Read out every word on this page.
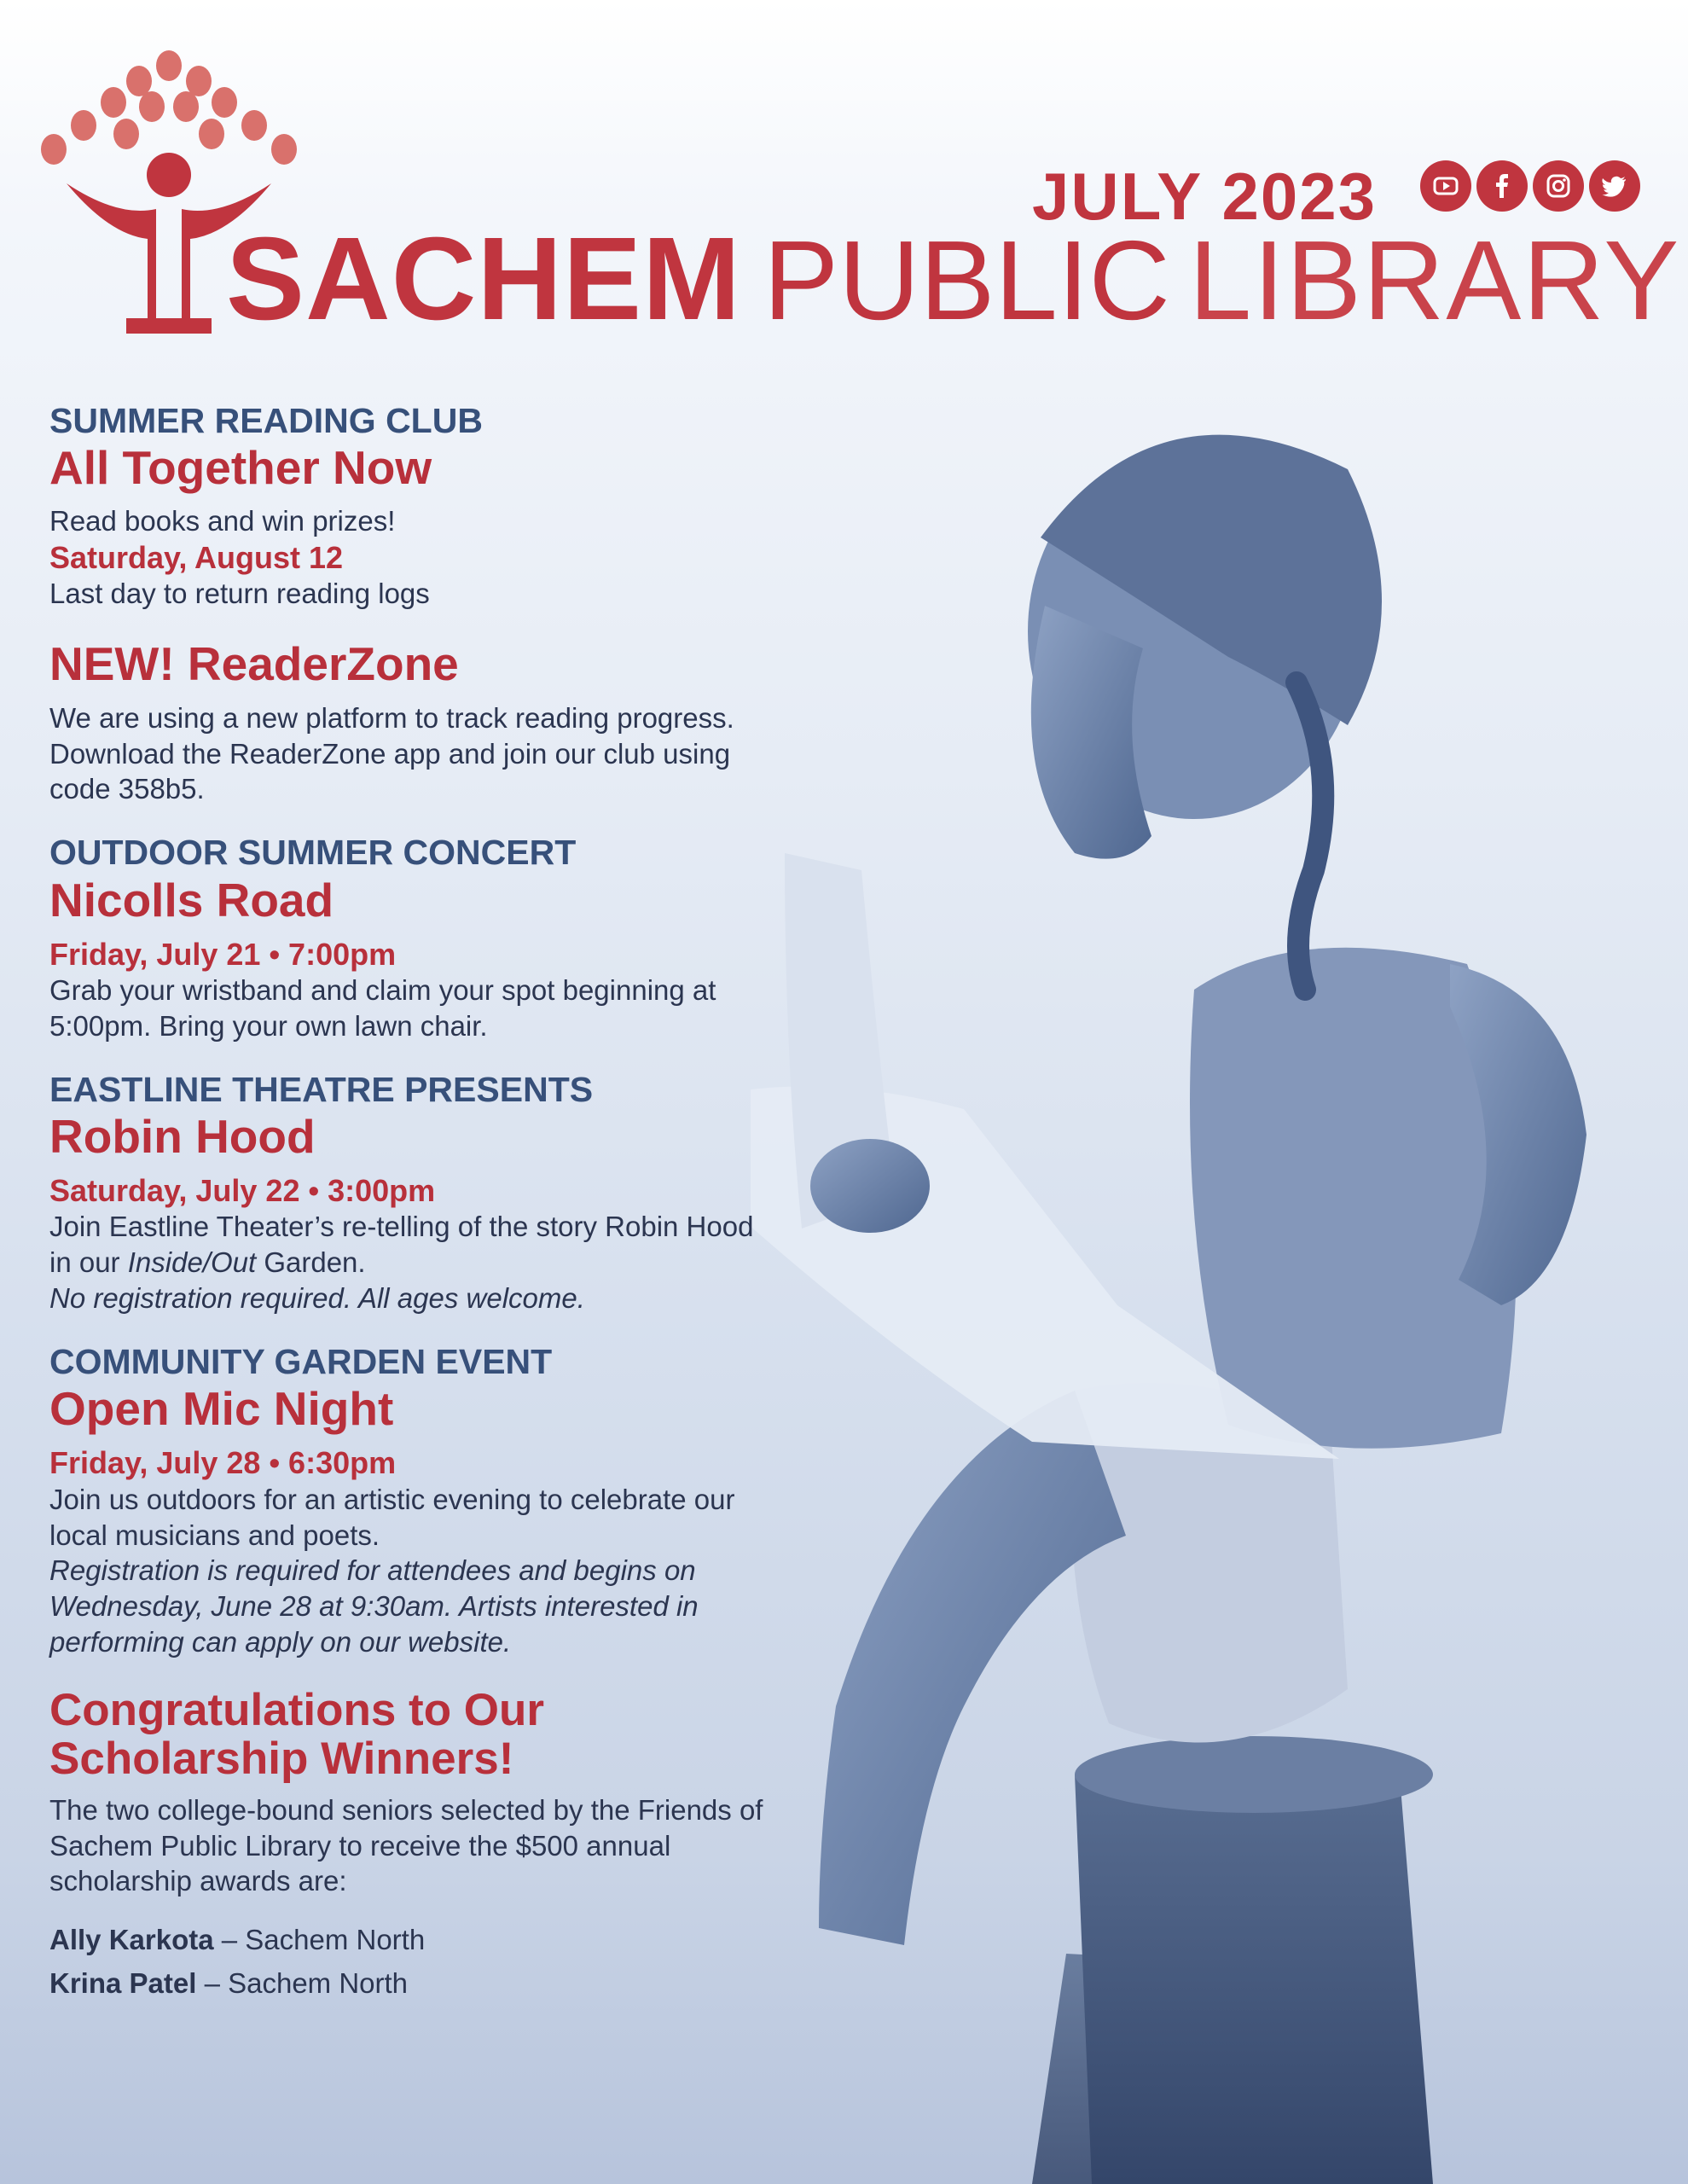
JULY 2023
SACHEM PUBLIC LIBRARY
SUMMER READING CLUB
All Together Now
Read books and win prizes!
Saturday, August 12
Last day to return reading logs
NEW! ReaderZone
We are using a new platform to track reading progress. Download the ReaderZone app and join our club using code 358b5.
OUTDOOR SUMMER CONCERT
Nicolls Road
Friday, July 21 • 7:00pm
Grab your wristband and claim your spot beginning at 5:00pm. Bring your own lawn chair.
EASTLINE THEATRE PRESENTS
Robin Hood
Saturday, July 22 • 3:00pm
Join Eastline Theater’s re-telling of the story Robin Hood in our Inside/Out Garden.
No registration required. All ages welcome.
COMMUNITY GARDEN EVENT
Open Mic Night
Friday, July 28 • 6:30pm
Join us outdoors for an artistic evening to celebrate our local musicians and poets.
Registration is required for attendees and begins on Wednesday, June 28 at 9:30am. Artists interested in performing can apply on our website.
Congratulations to Our Scholarship Winners!
The two college-bound seniors selected by the Friends of Sachem Public Library to receive the $500 annual scholarship awards are:
Ally Karkota – Sachem North
Krina Patel – Sachem North
